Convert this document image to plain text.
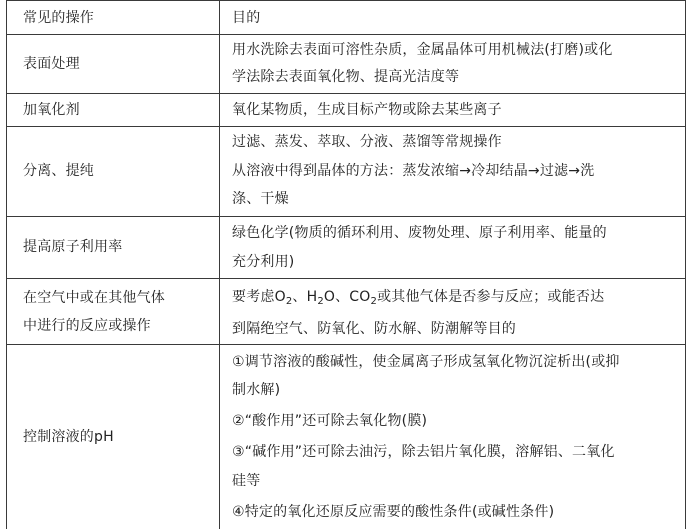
常见的操作	目的
表面处理
用水洗除去表面可溶性杂质，金属晶体可用机械法(打磨)或化
学法除去表面氧化物、提高光洁度等
加氧化剂	氧化某物质，生成目标产物或除去某些离子
分离、提纯
过滤、蒸发、萃取、分液、蒸馏等常规操作
从溶液中得到晶体的方法：蒸发浓缩→冷却结晶→过滤→洗
涤、干燥
提高原子利用率
绿色化学(物质的循环利用、废物处理、原子利用率、能量的
充分利用)
在空气中或在其他气体
中进行的反应或操作
要考虑$O_2$、$H_2O$、$CO_2$或其他气体是否参与反应；或能否达
到隔绝空气、防氧化、防水解、防潮解等目的
控制溶液的pH
①调节溶液的酸碱性，使金属离子形成氢氧化物沉淀析出(或抑
制水解)
②“酸作用”还可除去氧化物(膜)
③“碱作用”还可除去油污，除去铝片氧化膜，溶解铝、二氧化
硅等
④特定的氧化还原反应需要的酸性条件(或碱性条件)
